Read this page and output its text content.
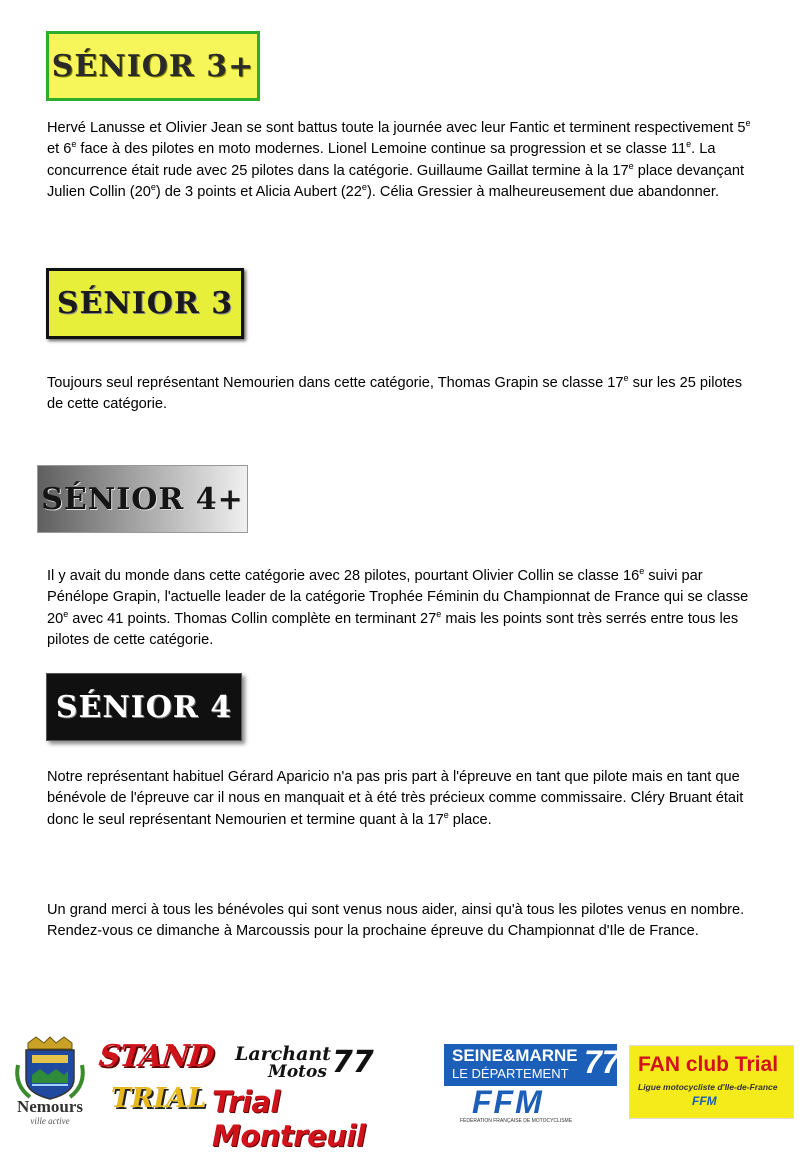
SÉNIOR 3+
Hervé Lanusse et Olivier Jean se sont battus toute la journée avec leur Fantic et terminent respectivement 5e et 6e face à des pilotes en moto modernes. Lionel Lemoine continue sa progression et se classe 11e. La concurrence était rude avec 25 pilotes dans la catégorie. Guillaume Gaillat termine à la 17e place devançant Julien Collin (20e) de 3 points et Alicia Aubert (22e). Célia Gressier à malheureusement due abandonner.
SÉNIOR 3
Toujours seul représentant Nemourien dans cette catégorie, Thomas Grapin se classe 17e sur les 25 pilotes de cette catégorie.
SÉNIOR 4+
Il y avait du monde dans cette catégorie avec 28 pilotes, pourtant Olivier Collin se classe 16e suivi par Pénélope Grapin, l'actuelle leader de la catégorie Trophée Féminin du Championnat de France qui se classe 20e avec 41 points. Thomas Collin complète en terminant 27e mais les points sont très serrés entre tous les pilotes de cette catégorie.
SÉNIOR 4
Notre représentant habituel Gérard Aparicio n'a pas pris part à l'épreuve en tant que pilote mais en tant que bénévole de l'épreuve car il nous en manquait et à été très précieux comme commissaire. Cléry Bruant était donc le seul représentant Nemourien et termine quant à la 17e place.
Un grand merci à tous les bénévoles qui sont venus nous aider, ainsi qu'à tous les pilotes venus en nombre. Rendez-vous ce dimanche à Marcoussis pour la prochaine épreuve du Championnat d'Ile de France.
Nemours
ville active
STAND
TRIAL
Larchant
Motos 77
Trial Montreuil
SEINE&MARNE
LE DÉPARTEMENT 77
FFM
FÉDÉRATION FRANÇAISE DE MOTOCYCLISME
FAN club Trial
Ligue motocycliste d'Ile-de-France
FFM
